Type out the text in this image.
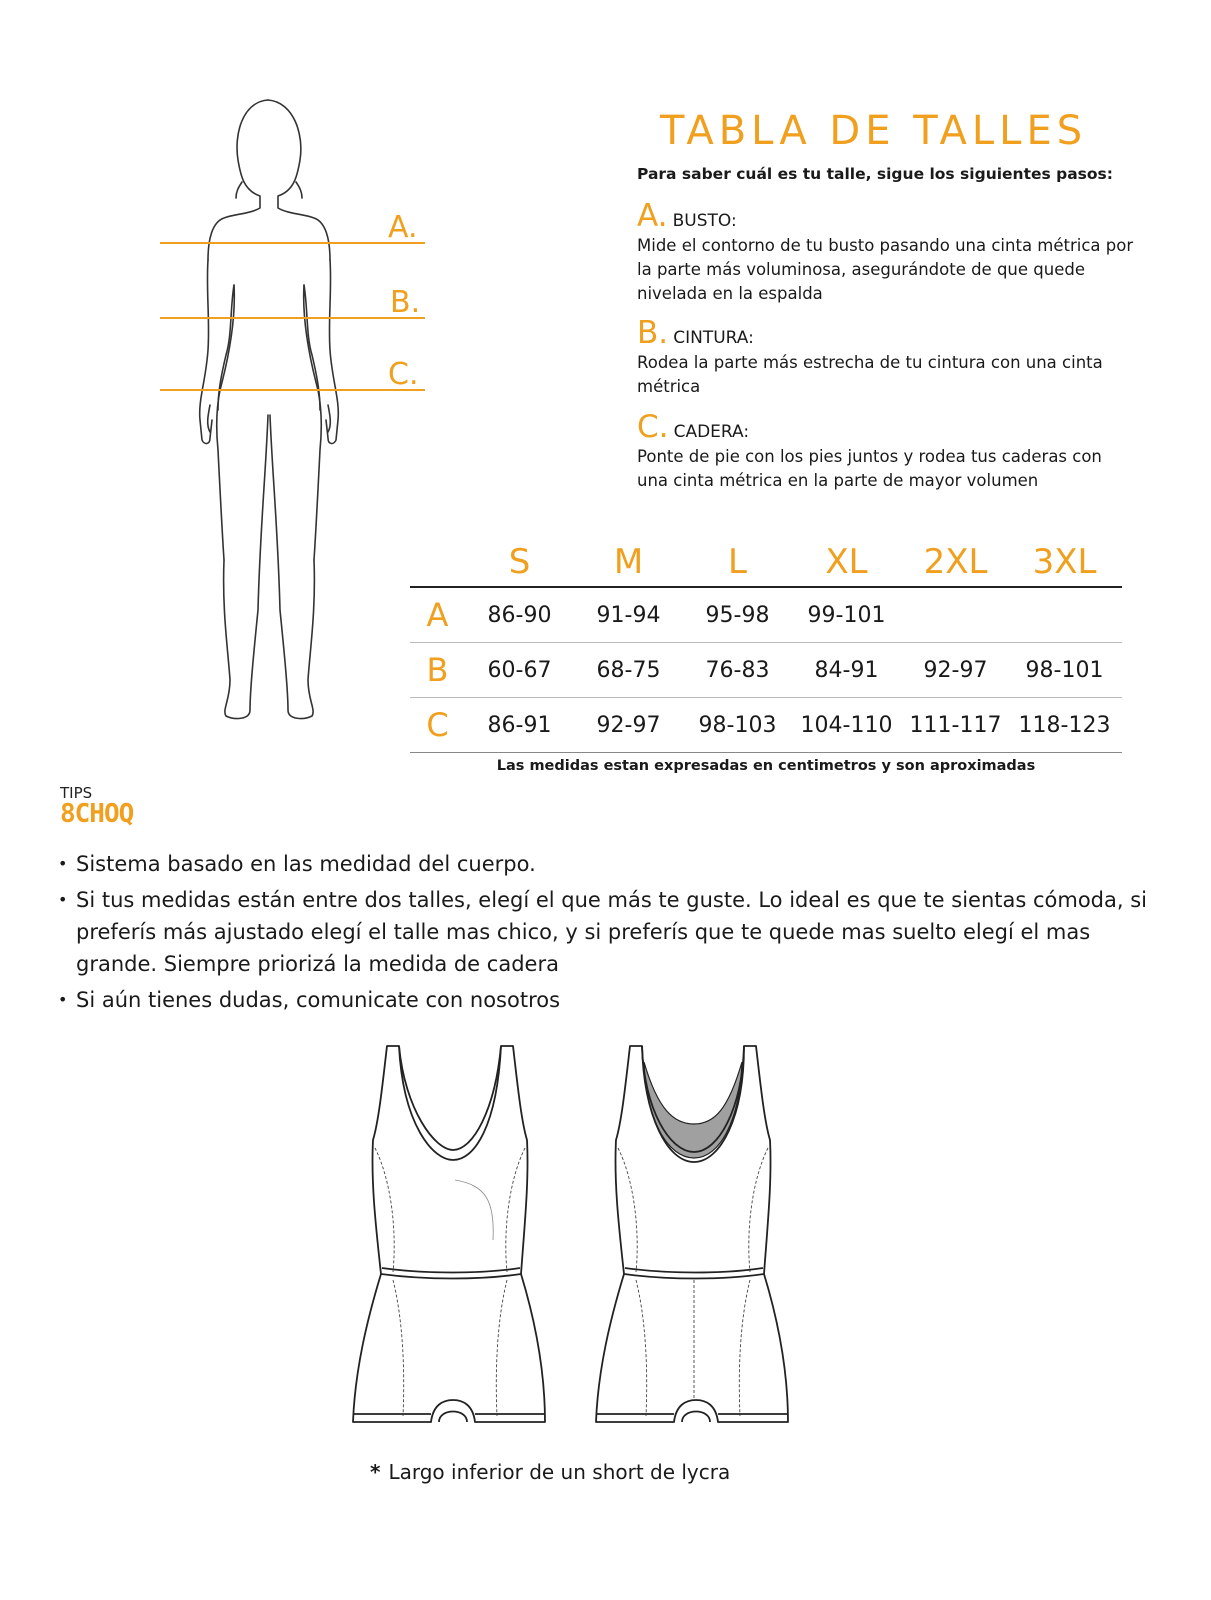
A.
B.
C.
TABLA DE TALLES
Para saber cuál es tu talle, sigue los siguientes pasos:
A. BUSTO:
Mide el contorno de tu busto pasando una cinta métrica por la parte más voluminosa, asegurándote de que quede nivelada en la espalda
B. CINTURA:
Rodea la parte más estrecha de tu cintura con una cinta métrica
C. CADERA:
Ponte de pie con los pies juntos y rodea tus caderas con una cinta métrica en la parte de mayor volumen
S	M	L	XL	2XL	3XL
A	86-90	91-94	95-98	99-101
B	60-67	68-75	76-83	84-91	92-97	98-101
C	86-91	92-97	98-103	104-110 111-117 118-123
Las medidas estan expresadas en centimetros y son aproximadas
TIPS
8CHOQ
• Sistema basado en las medidad del cuerpo.
• Si tus medidas están entre dos talles, elegí el que más te guste. Lo ideal es que te sientas cómoda, si preferís más ajustado elegí el talle mas chico, y si preferís que te quede mas suelto elegí el mas grande. Siempre priorizá la medida de cadera
• Si aún tienes dudas, comunicate con nosotros
* Largo inferior de un short de lycra
